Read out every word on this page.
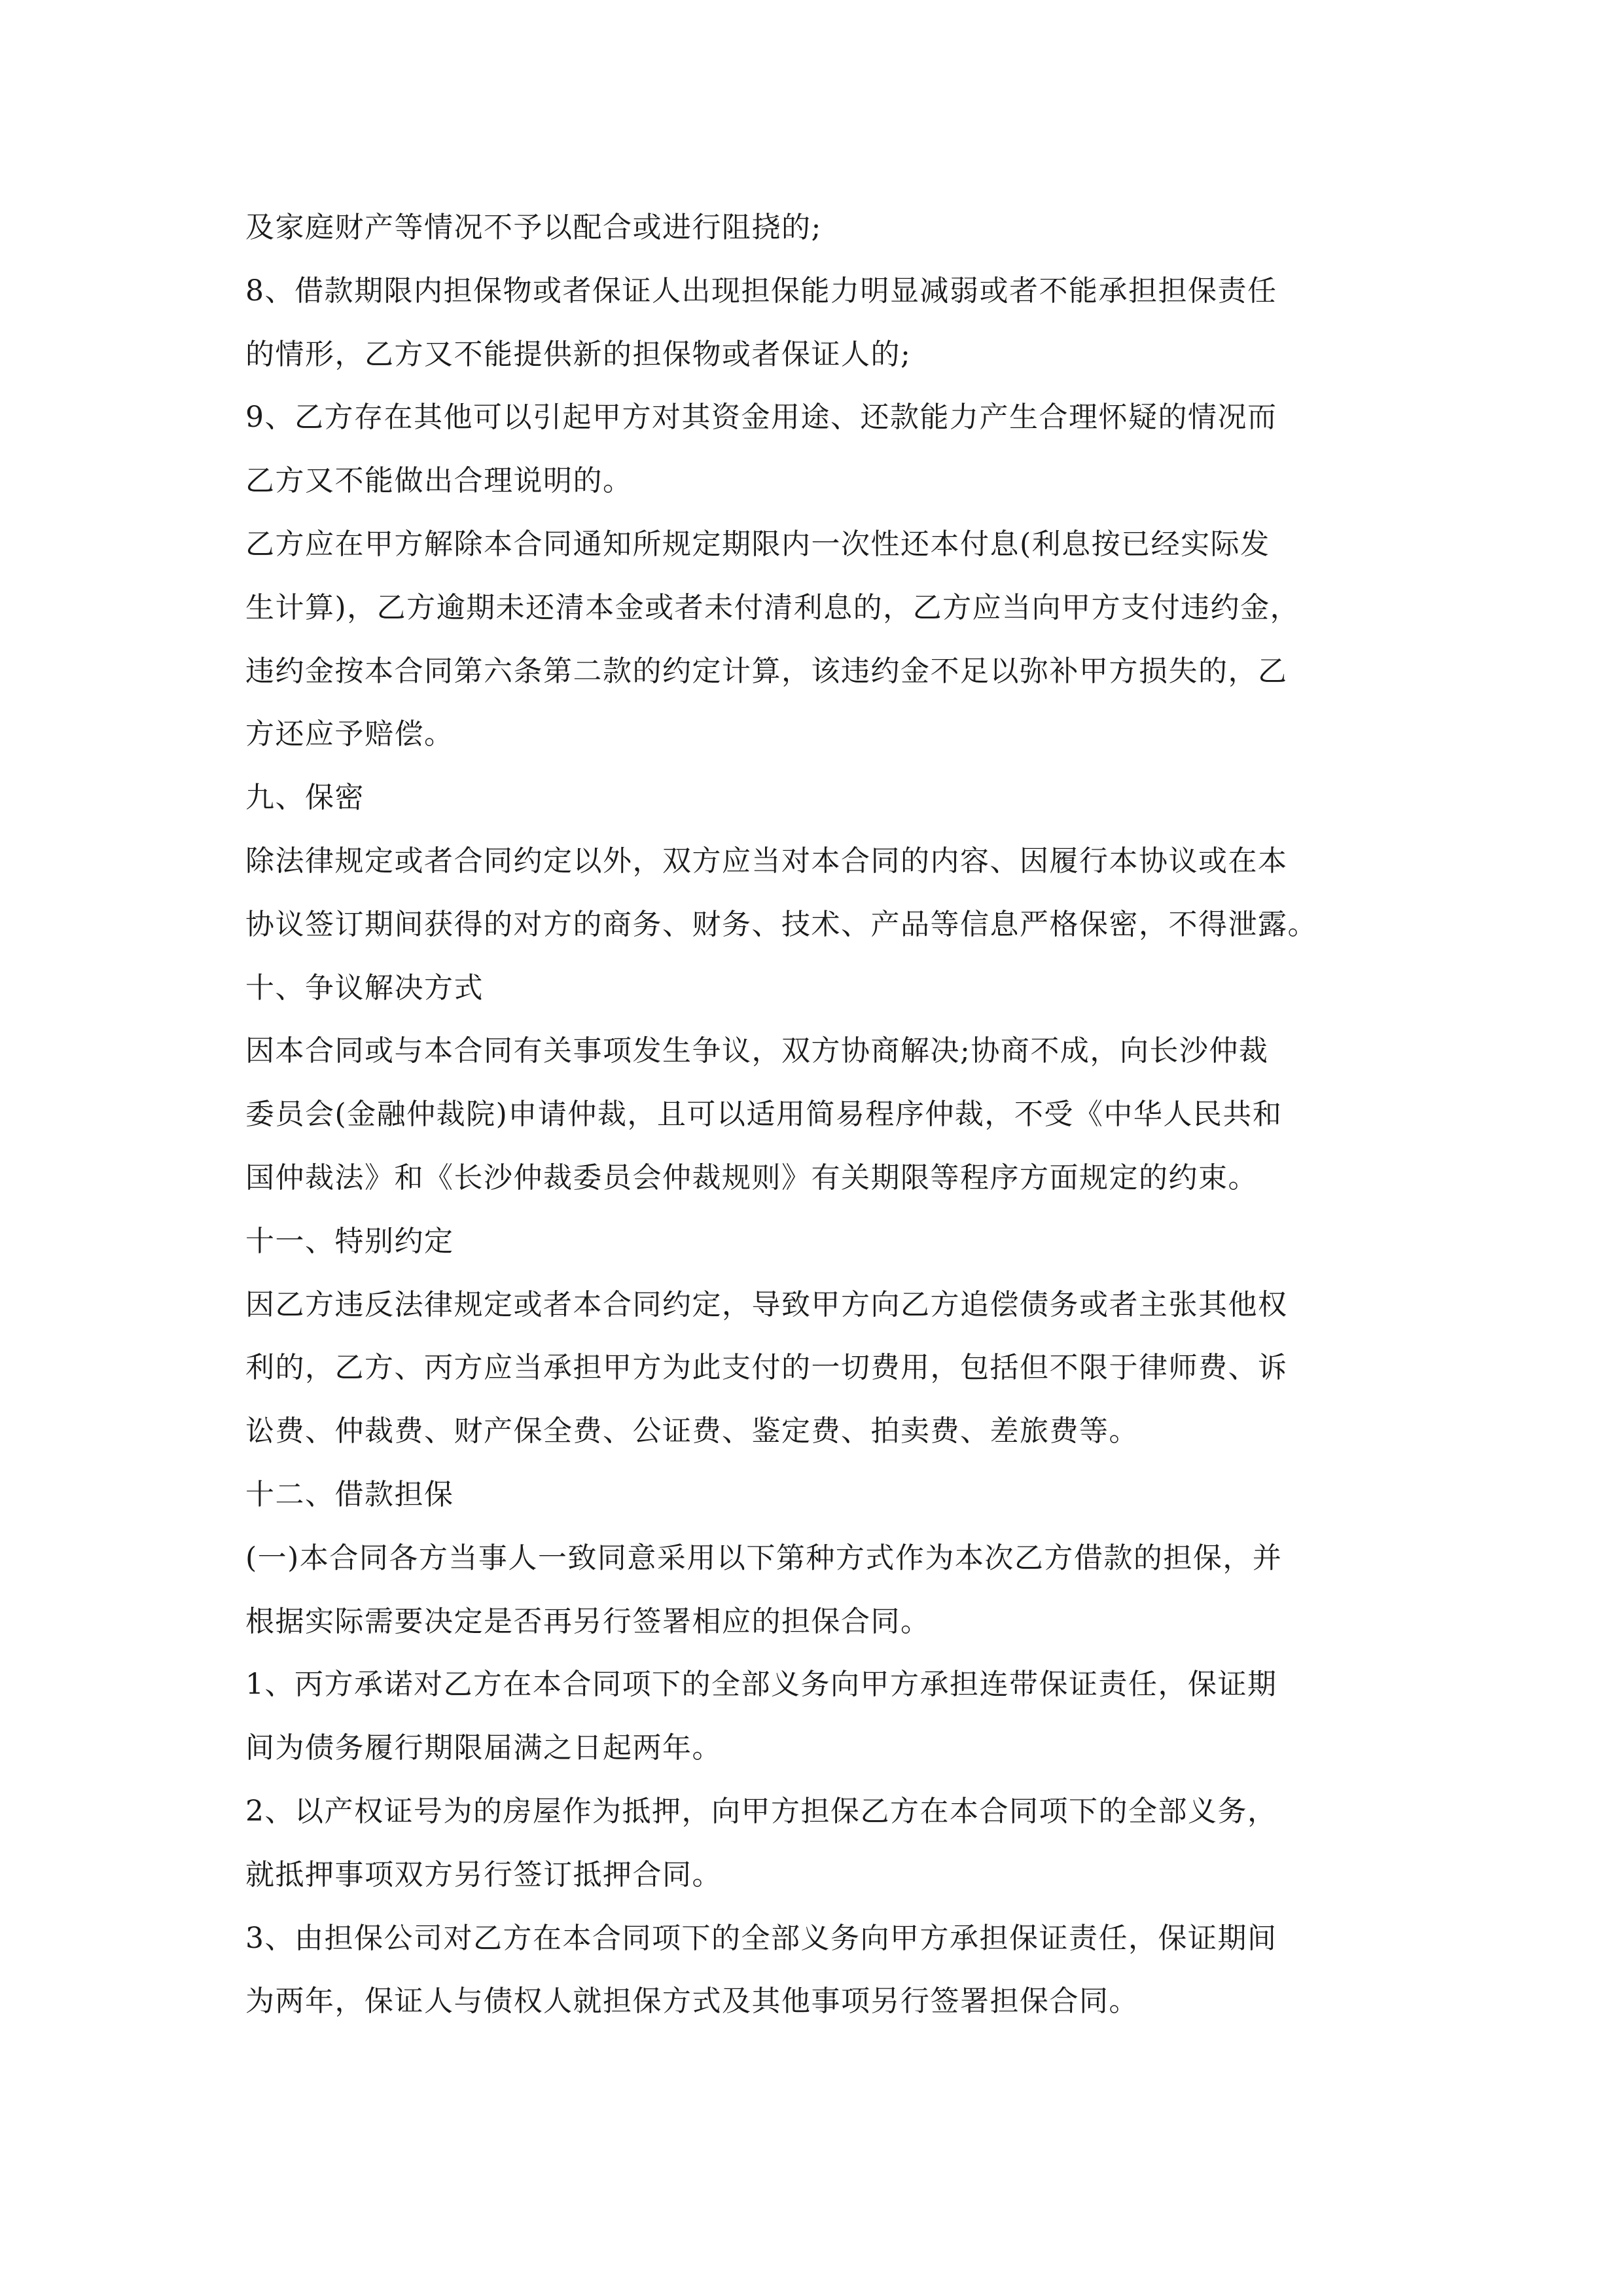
及家庭财产等情况不予以配合或进行阻挠的;
8、借款期限内担保物或者保证人出现担保能力明显减弱或者不能承担担保责任
的情形，乙方又不能提供新的担保物或者保证人的;
9、乙方存在其他可以引起甲方对其资金用途、还款能力产生合理怀疑的情况而
乙方又不能做出合理说明的。
乙方应在甲方解除本合同通知所规定期限内一次性还本付息(利息按已经实际发
生计算)，乙方逾期未还清本金或者未付清利息的，乙方应当向甲方支付违约金，
违约金按本合同第六条第二款的约定计算，该违约金不足以弥补甲方损失的，乙
方还应予赔偿。
九、保密
除法律规定或者合同约定以外，双方应当对本合同的内容、因履行本协议或在本
协议签订期间获得的对方的商务、财务、技术、产品等信息严格保密，不得泄露。
十、争议解决方式
因本合同或与本合同有关事项发生争议，双方协商解决;协商不成，向长沙仲裁
委员会(金融仲裁院)申请仲裁，且可以适用简易程序仲裁，不受《中华人民共和
国仲裁法》和《长沙仲裁委员会仲裁规则》有关期限等程序方面规定的约束。
十一、特别约定
因乙方违反法律规定或者本合同约定，导致甲方向乙方追偿债务或者主张其他权
利的，乙方、丙方应当承担甲方为此支付的一切费用，包括但不限于律师费、诉
讼费、仲裁费、财产保全费、公证费、鉴定费、拍卖费、差旅费等。
十二、借款担保
(一)本合同各方当事人一致同意采用以下第种方式作为本次乙方借款的担保，并
根据实际需要决定是否再另行签署相应的担保合同。
1、丙方承诺对乙方在本合同项下的全部义务向甲方承担连带保证责任，保证期
间为债务履行期限届满之日起两年。
2、以产权证号为的房屋作为抵押，向甲方担保乙方在本合同项下的全部义务，
就抵押事项双方另行签订抵押合同。
3、由担保公司对乙方在本合同项下的全部义务向甲方承担保证责任，保证期间
为两年，保证人与债权人就担保方式及其他事项另行签署担保合同。
